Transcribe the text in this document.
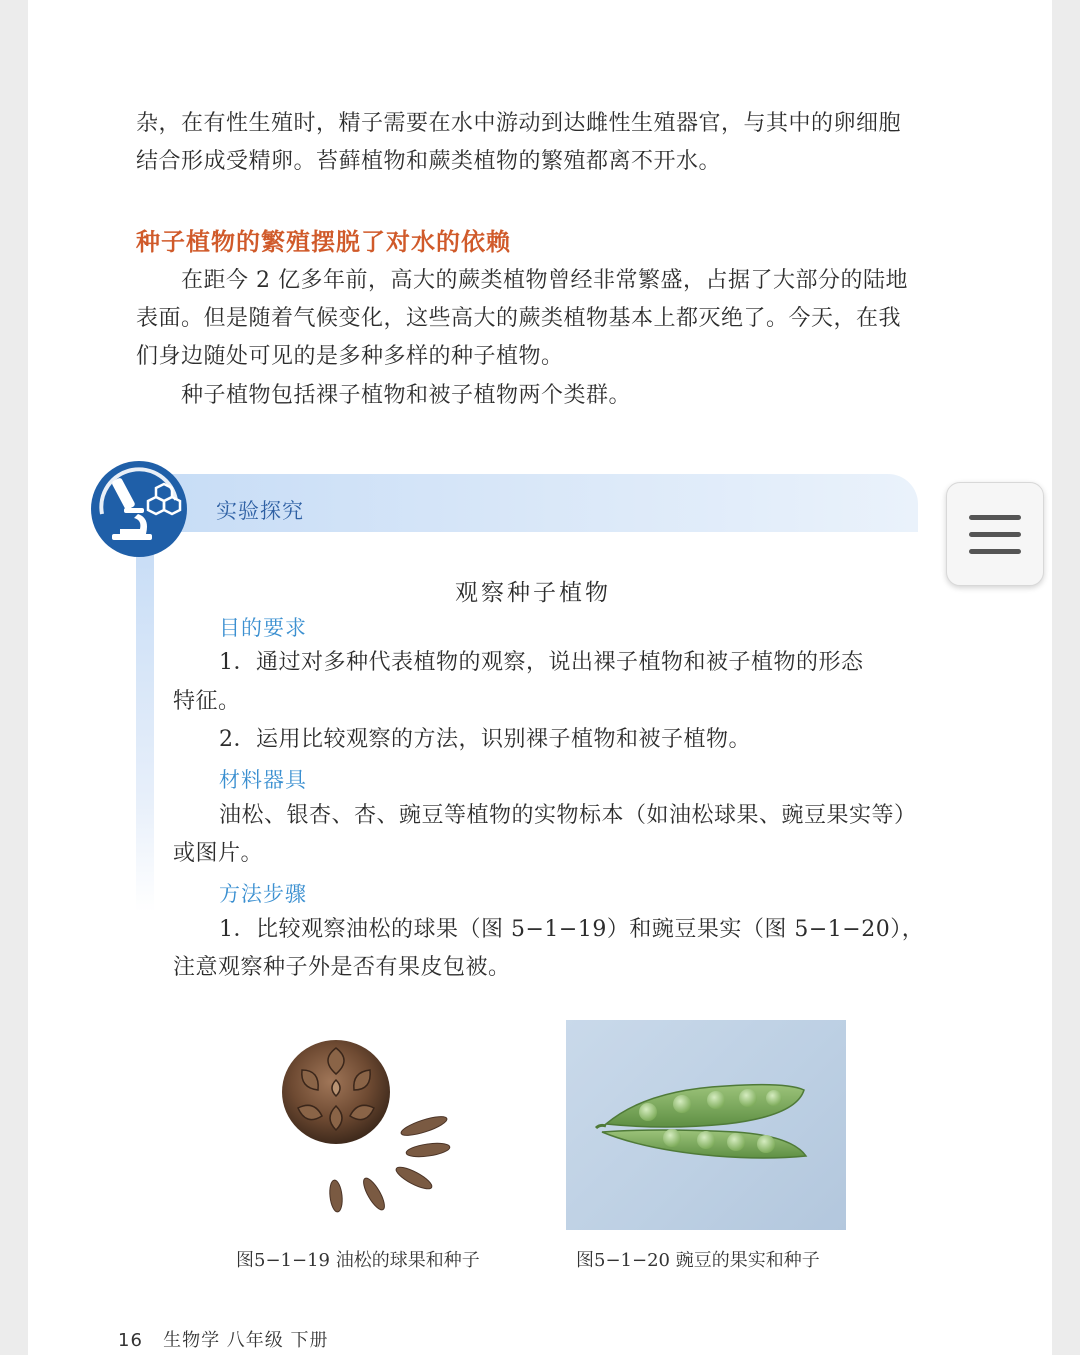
杂，在有性生殖时，精子需要在水中游动到达雌性生殖器官，与其中的卵细胞

结合形成受精卵。苔藓植物和蕨类植物的繁殖都离不开水。

种子植物的繁殖摆脱了对水的依赖

在距今 2 亿多年前，高大的蕨类植物曾经非常繁盛，占据了大部分的陆地

表面。但是随着气候变化，这些高大的蕨类植物基本上都灭绝了。今天，在我

们身边随处可见的是多种多样的种子植物。

种子植物包括裸子植物和被子植物两个类群。

实验探究

观察种子植物

目的要求

1．通过对多种代表植物的观察，说出裸子植物和被子植物的形态

特征。

2．运用比较观察的方法，识别裸子植物和被子植物。

材料器具

油松、银杏、杏、豌豆等植物的实物标本（如油松球果、豌豆果实等）

或图片。

方法步骤

1．比较观察油松的球果（图 5−1−19）和豌豆果实（图 5−1−20），

注意观察种子外是否有果皮包被。

图5−1−19 油松的球果和种子	图5−1−20 豌豆的果实和种子

16 生物学 八年级 下册
